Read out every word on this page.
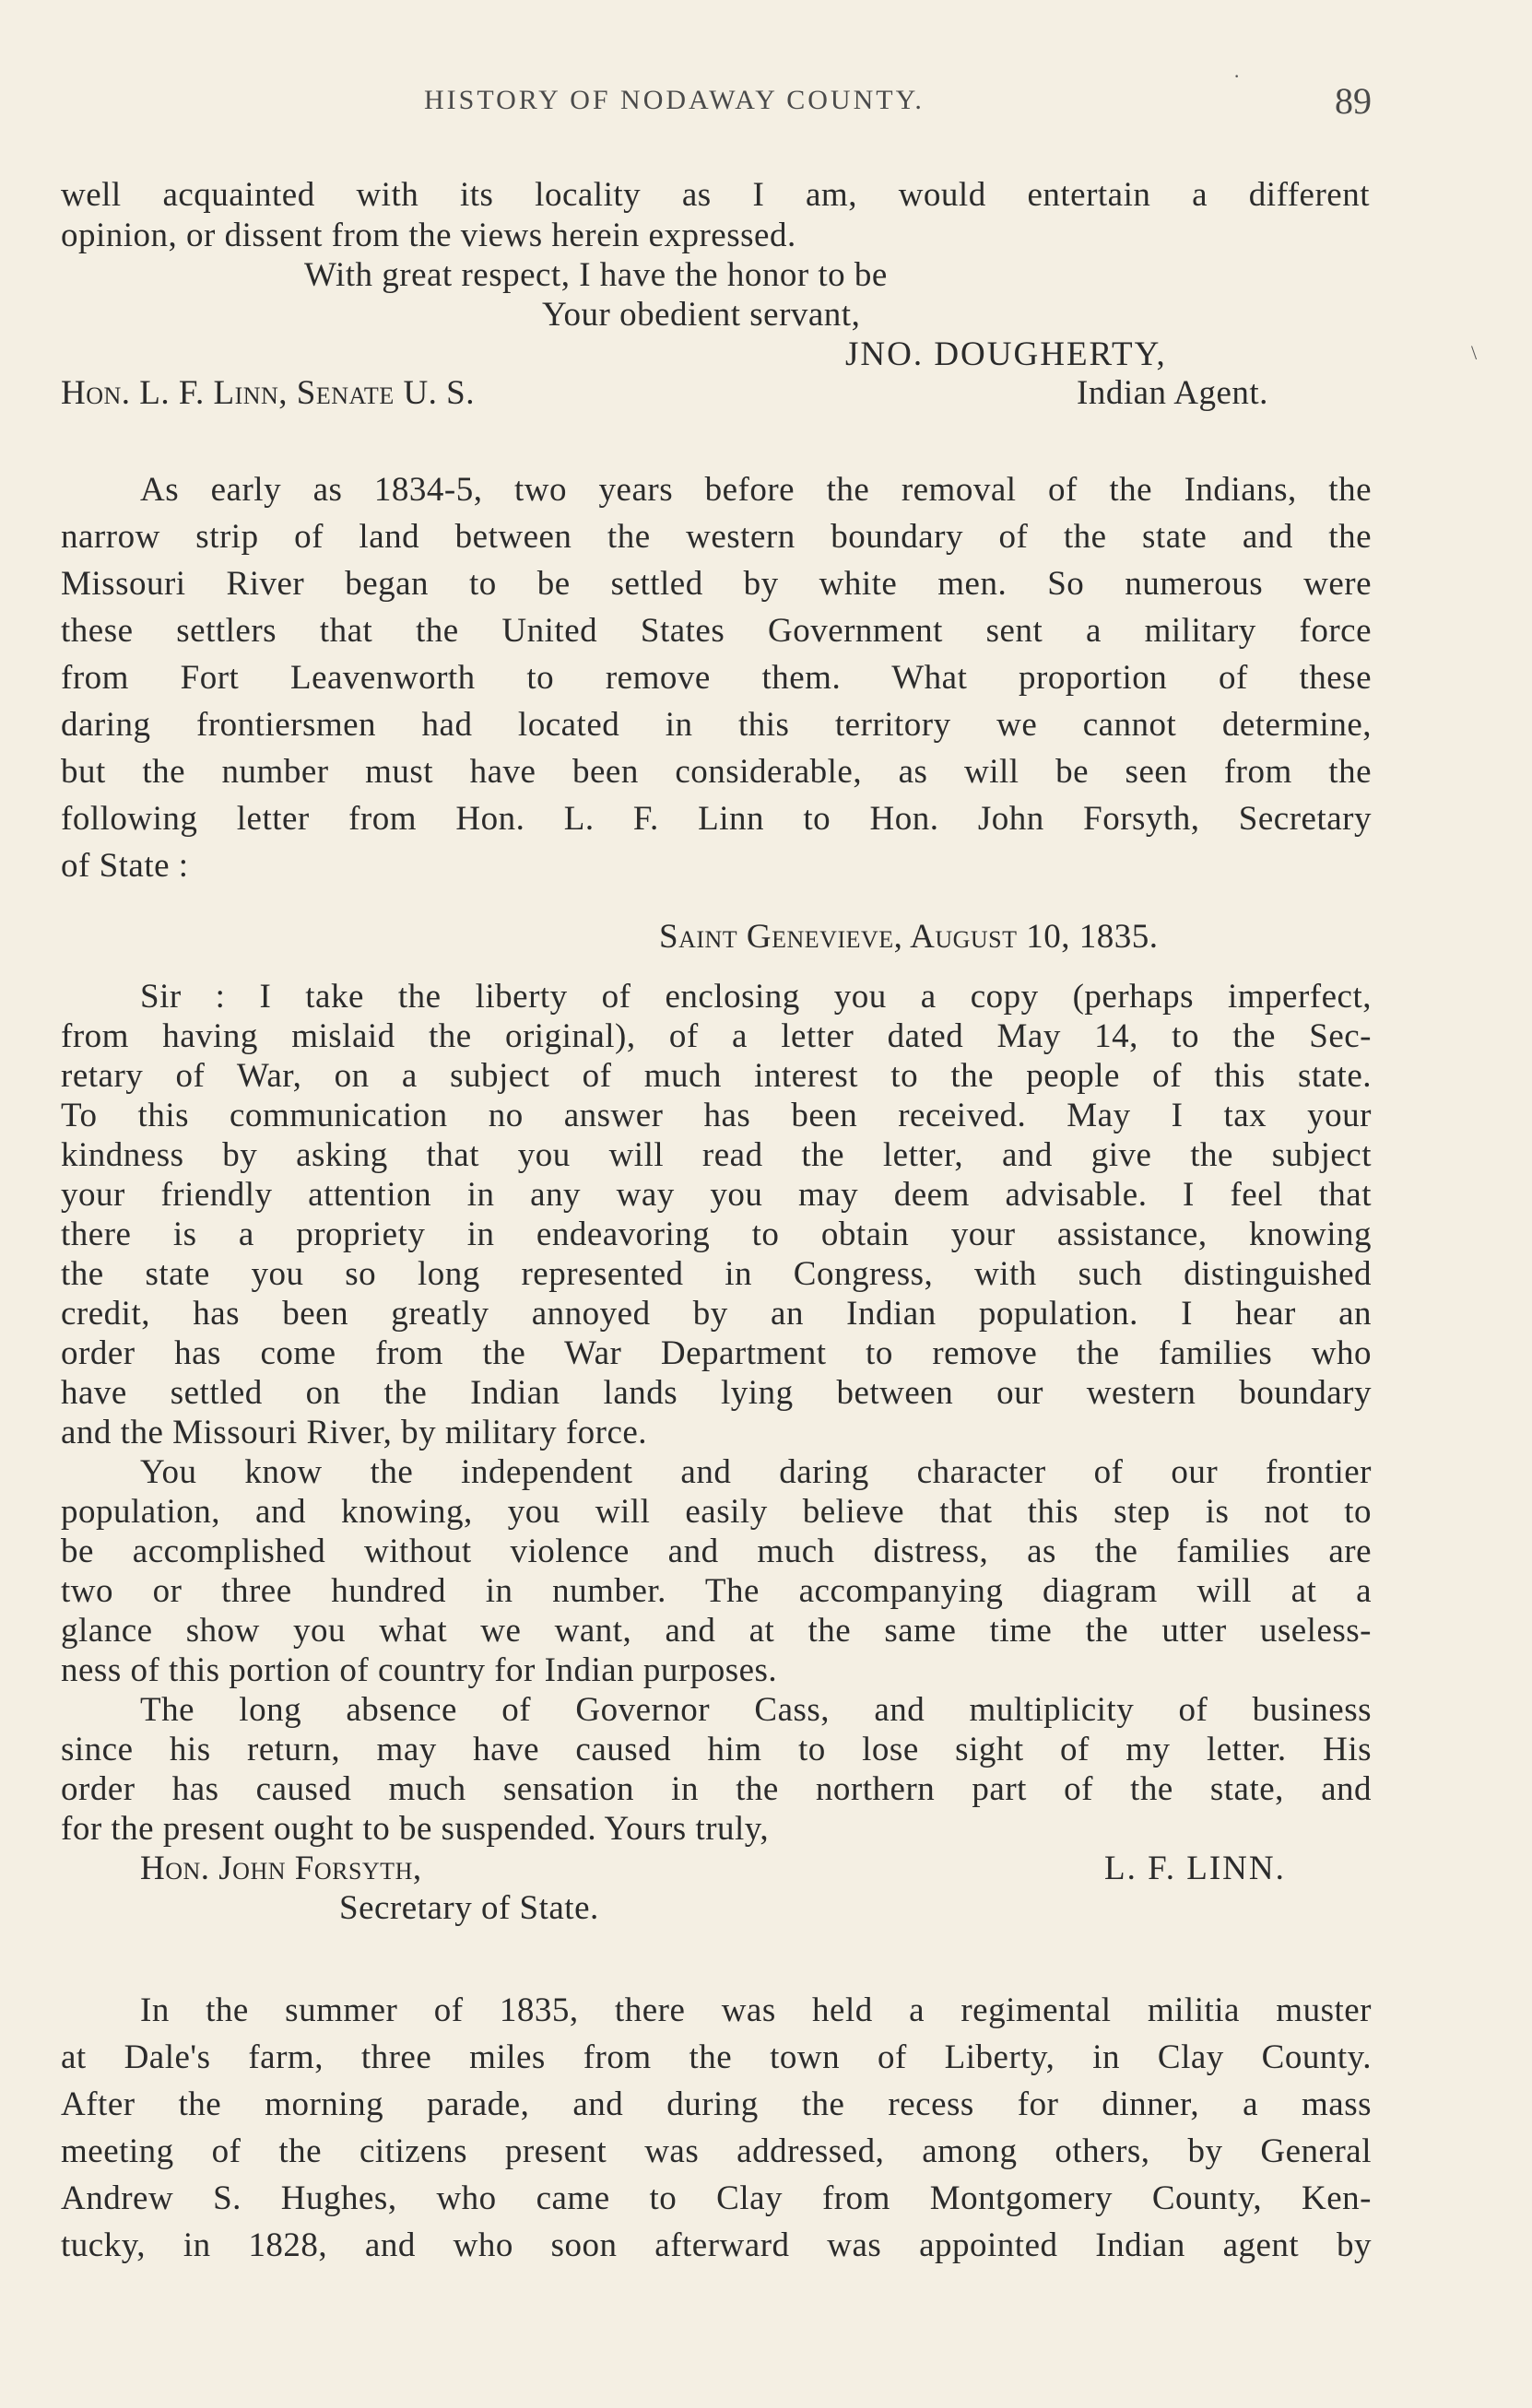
HISTORY OF NODAWAY COUNTY.	89
well acquainted with its locality as I am, would entertain a different
opinion, or dissent from the views herein expressed.
With great respect, I have the honor to be
Your obedient servant,
JNO. DOUGHERTY,
Hon. L. F. Linn, Senate U. S.	Indian Agent.
As early as 1834-5, two years before the removal of the Indians, the
narrow strip of land between the western boundary of the state and the
Missouri River began to be settled by white men. So numerous were
these settlers that the United States Government sent a military force
from Fort Leavenworth to remove them. What proportion of these
daring frontiersmen had located in this territory we cannot determine,
but the number must have been considerable, as will be seen from the
following letter from Hon. L. F. Linn to Hon. John Forsyth, Secretary
of State :
Saint Genevieve, August 10, 1835.
Sir : I take the liberty of enclosing you a copy (perhaps imperfect,
from having mislaid the original), of a letter dated May 14, to the Sec-
retary of War, on a subject of much interest to the people of this state.
To this communication no answer has been received. May I tax your
kindness by asking that you will read the letter, and give the subject
your friendly attention in any way you may deem advisable. I feel that
there is a propriety in endeavoring to obtain your assistance, knowing
the state you so long represented in Congress, with such distinguished
credit, has been greatly annoyed by an Indian population. I hear an
order has come from the War Department to remove the families who
have settled on the Indian lands lying between our western boundary
and the Missouri River, by military force.
You know the independent and daring character of our frontier
population, and knowing, you will easily believe that this step is not to
be accomplished without violence and much distress, as the families are
two or three hundred in number. The accompanying diagram will at a
glance show you what we want, and at the same time the utter useless-
ness of this portion of country for Indian purposes.
The long absence of Governor Cass, and multiplicity of business
since his return, may have caused him to lose sight of my letter. His
order has caused much sensation in the northern part of the state, and
for the present ought to be suspended. Yours truly,
Hon. John Forsyth,	L. F. LINN.
Secretary of State.
In the summer of 1835, there was held a regimental militia muster
at Dale's farm, three miles from the town of Liberty, in Clay County.
After the morning parade, and during the recess for dinner, a mass
meeting of the citizens present was addressed, among others, by General
Andrew S. Hughes, who came to Clay from Montgomery County, Ken-
tucky, in 1828, and who soon afterward was appointed Indian agent by
·
\
